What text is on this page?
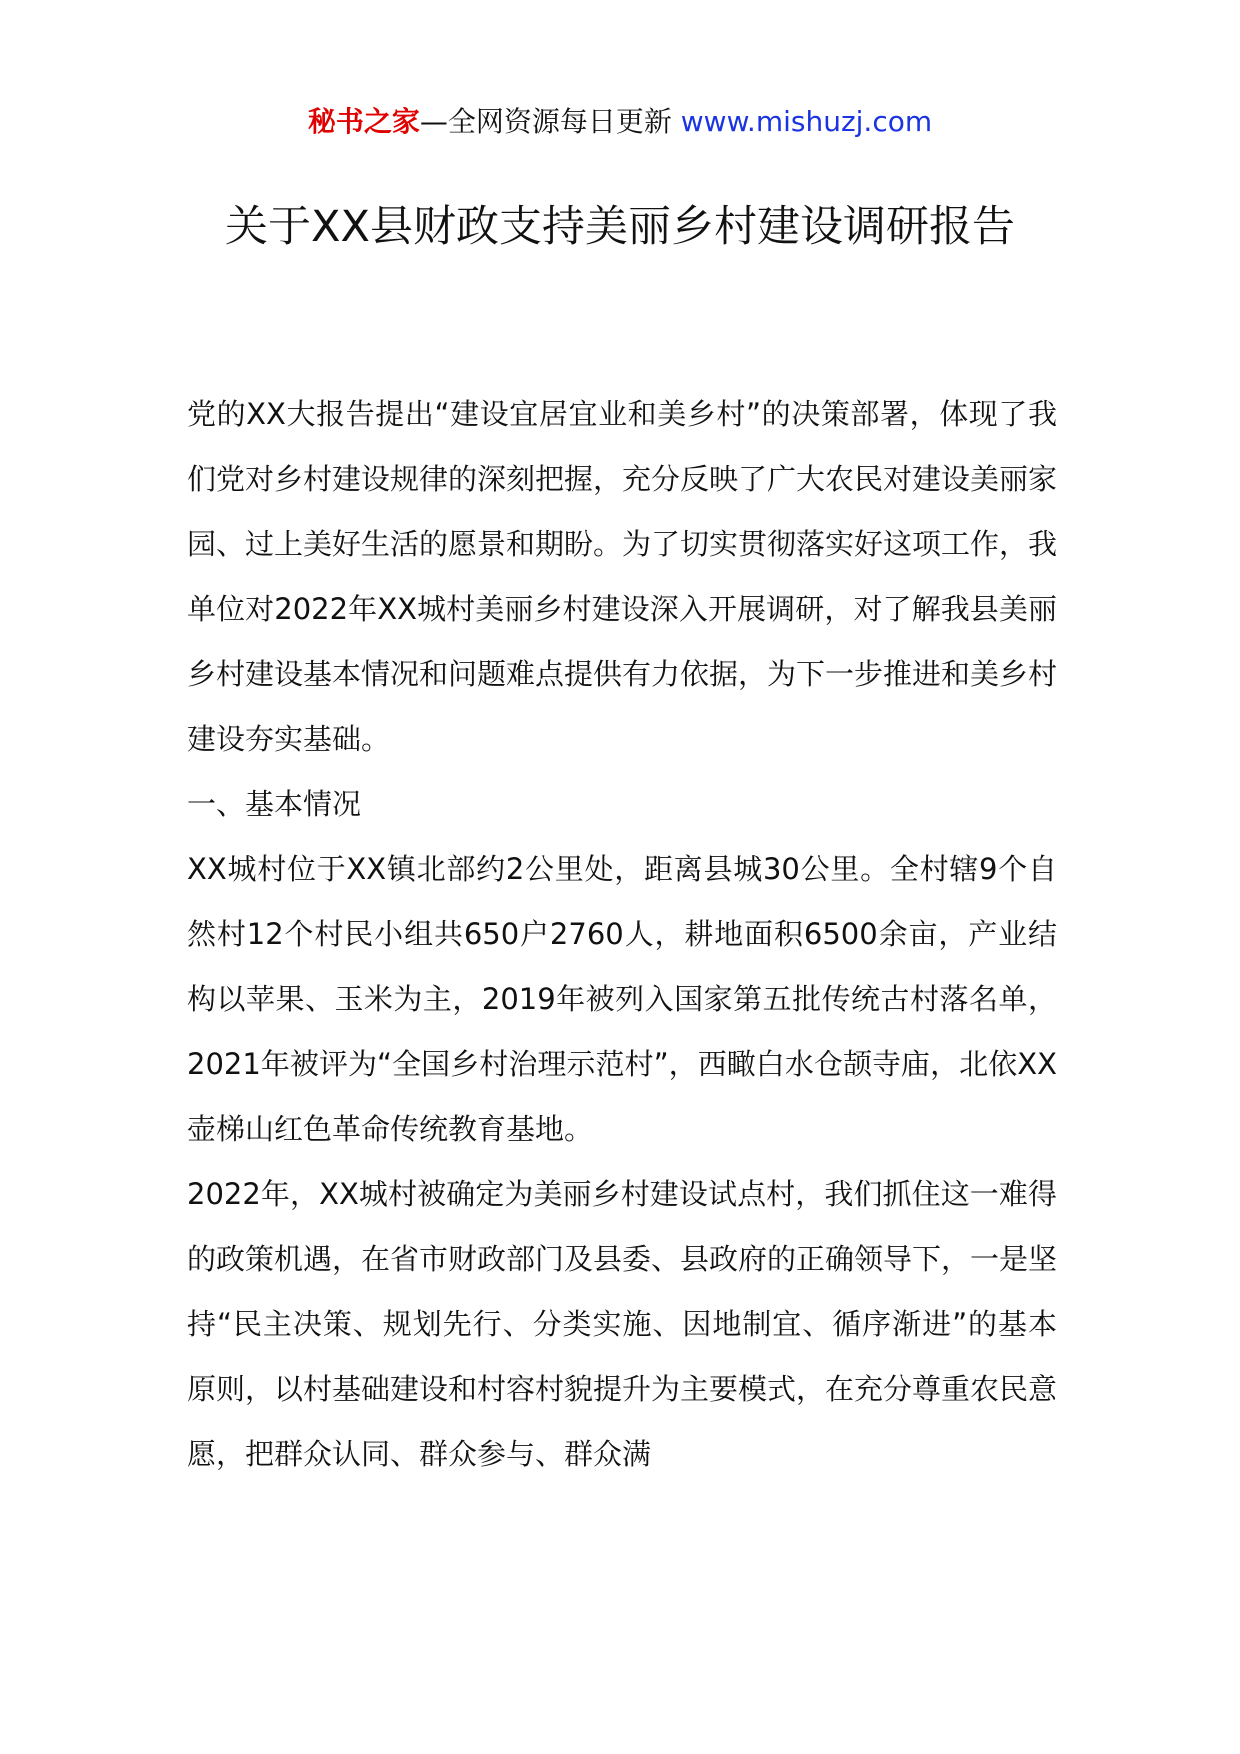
秘书之家—全网资源每日更新 www.mishuzj.com
关于XX县财政支持美丽乡村建设调研报告

党的XX大报告提出“建设宜居宜业和美乡村”的决策部署，体现了我们党对乡村建设规律的深刻把握，充分反映了广大农民对建设美丽家园、过上美好生活的愿景和期盼。为了切实贯彻落实好这项工作，我单位对2022年XX城村美丽乡村建设深入开展调研，对了解我县美丽乡村建设基本情况和问题难点提供有力依据，为下一步推进和美乡村建设夯实基础。

一、基本情况

XX城村位于XX镇北部约2公里处，距离县城30公里。全村辖9个自然村12个村民小组共650户2760人，耕地面积6500余亩，产业结构以苹果、玉米为主，2019年被列入国家第五批传统古村落名单，2021年被评为“全国乡村治理示范村”，西瞰白水仓颉寺庙，北依XX壶梯山红色革命传统教育基地。

2022年，XX城村被确定为美丽乡村建设试点村，我们抓住这一难得的政策机遇，在省市财政部门及县委、县政府的正确领导下，一是坚持“民主决策、规划先行、分类实施、因地制宜、循序渐进”的基本原则，以村基础建设和村容村貌提升为主要模式，在充分尊重农民意愿，把群众认同、群众参与、群众满
